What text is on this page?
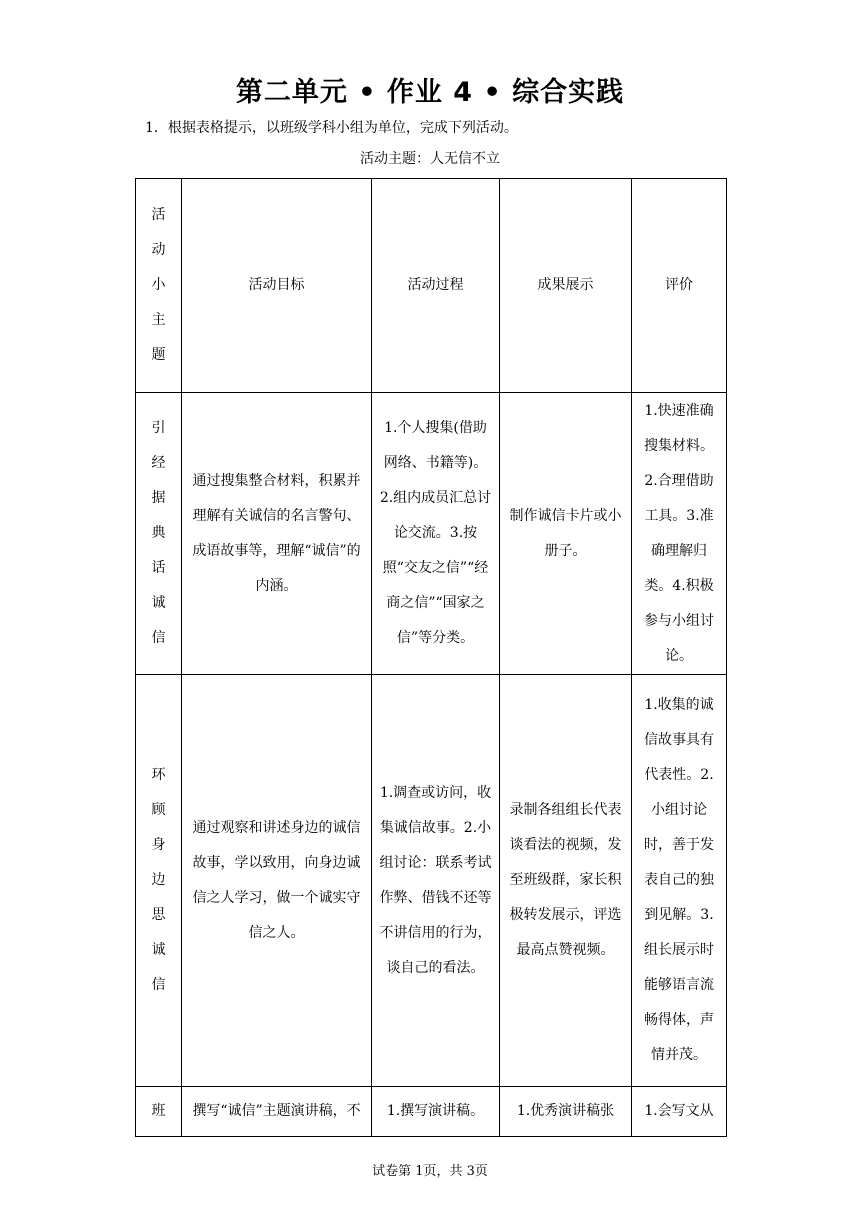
第二单元 • 作业 4 • 综合实践
1．根据表格提示，以班级学科小组为单位，完成下列活动。
活动主题：人无信不立
活动小主题	活动目标	活动过程	成果展示	评价

引经据典话诚信	通过搜集整合材料，积累并理解有关诚信的名言警句、成语故事等，理解“诚信”的内涵。	1.个人搜集(借助网络、书籍等)。2.组内成员汇总讨论交流。3.按照“交友之信”“经商之信”“国家之信”等分类。	制作诚信卡片或小册子。	1.快速准确搜集材料。2.合理借助工具。3.准确理解归类。4.积极参与小组讨论。

环顾身边思诚信	通过观察和讲述身边的诚信故事，学以致用，向身边诚信之人学习，做一个诚实守信之人。	1.调查或访问，收集诚信故事。2.小组讨论：联系考试作弊、借钱不还等不讲信用的行为，谈自己的看法。	录制各组组长代表谈看法的视频，发至班级群，家长积极转发展示，评选最高点赞视频。	1.收集的诚信故事具有代表性。2.小组讨论时，善于发表自己的独到见解。3.组长展示时能够语言流畅得体，声情并茂。

班	撰写“诚信”主题演讲稿，不	1.撰写演讲稿。	1.优秀演讲稿张	1.会写文从
试卷第 1页，共 3页
